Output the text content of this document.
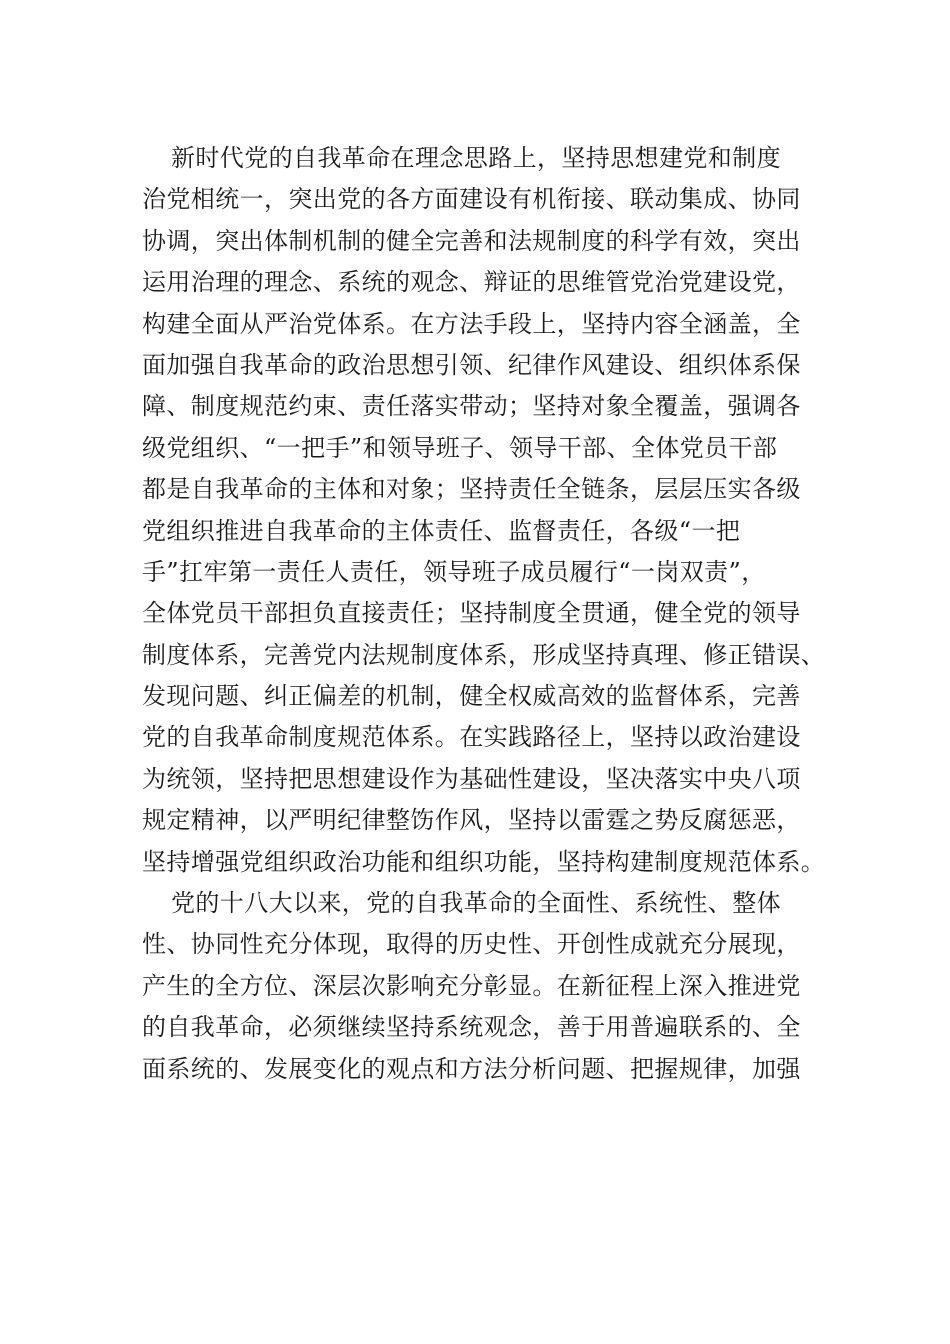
新时代党的自我革命在理念思路上，坚持思想建党和制度
治党相统一，突出党的各方面建设有机衔接、联动集成、协同
协调，突出体制机制的健全完善和法规制度的科学有效，突出
运用治理的理念、系统的观念、辩证的思维管党治党建设党，
构建全面从严治党体系。在方法手段上，坚持内容全涵盖，全
面加强自我革命的政治思想引领、纪律作风建设、组织体系保
障、制度规范约束、责任落实带动；坚持对象全覆盖，强调各
级党组织、“一把手”和领导班子、领导干部、全体党员干部
都是自我革命的主体和对象；坚持责任全链条，层层压实各级
党组织推进自我革命的主体责任、监督责任，各级“一把
手”扛牢第一责任人责任，领导班子成员履行“一岗双责”，
全体党员干部担负直接责任；坚持制度全贯通，健全党的领导
制度体系，完善党内法规制度体系，形成坚持真理、修正错误、
发现问题、纠正偏差的机制，健全权威高效的监督体系，完善
党的自我革命制度规范体系。在实践路径上，坚持以政治建设
为统领，坚持把思想建设作为基础性建设，坚决落实中央八项
规定精神，以严明纪律整饬作风，坚持以雷霆之势反腐惩恶，
坚持增强党组织政治功能和组织功能，坚持构建制度规范体系。
党的十八大以来，党的自我革命的全面性、系统性、整体
性、协同性充分体现，取得的历史性、开创性成就充分展现，
产生的全方位、深层次影响充分彰显。在新征程上深入推进党
的自我革命，必须继续坚持系统观念，善于用普遍联系的、全
面系统的、发展变化的观点和方法分析问题、把握规律，加强
